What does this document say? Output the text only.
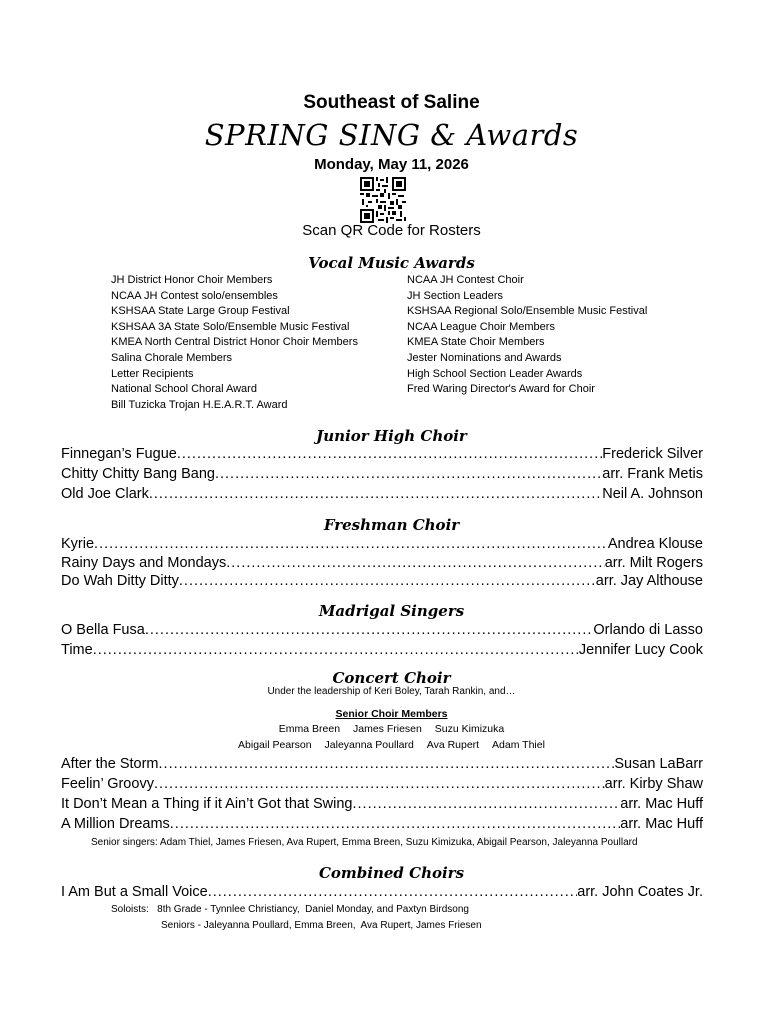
Southeast of Saline
SPRING SING & Awards
Monday, May 11, 2026
Scan QR Code for Rosters
Vocal Music Awards
JH District Honor Choir Members
NCAA JH Contest solo/ensembles
KSHSAA State Large Group Festival
KSHSAA 3A State Solo/Ensemble Music Festival
KMEA North Central District Honor Choir Members
Salina Chorale Members
Letter Recipients
National School Choral Award
Bill Tuzicka Trojan H.E.A.R.T. Award
NCAA JH Contest Choir
JH Section Leaders
KSHSAA Regional Solo/Ensemble Music Festival
NCAA League Choir Members
KMEA State Choir Members
Jester Nominations and Awards
High School Section Leader Awards
Fred Waring Director's Award for Choir
Junior High Choir
Finnegan’s Fugue .....	Frederick Silver
Chitty Chitty Bang Bang .....	arr. Frank Metis
Old Joe Clark .....	Neil A. Johnson
Freshman Choir
Kyrie .....	Andrea Klouse
Rainy Days and Mondays .....	arr. Milt Rogers
Do Wah Ditty Ditty .....	arr. Jay Althouse
Madrigal Singers
O Bella Fusa .....	Orlando di Lasso
Time .....	Jennifer Lucy Cook
Concert Choir
Under the leadership of Keri Boley, Tarah Rankin, and…
Senior Choir Members
Emma Breen James Friesen Suzu Kimizuka
Abigail Pearson Jaleyanna Poullard Ava Rupert Adam Thiel
After the Storm .....	Susan LaBarr
Feelin’ Groovy .....	arr. Kirby Shaw
It Don’t Mean a Thing if it Ain’t Got that Swing .....	arr. Mac Huff
A Million Dreams .....	arr. Mac Huff
Senior singers: Adam Thiel, James Friesen, Ava Rupert, Emma Breen, Suzu Kimizuka, Abigail Pearson, Jaleyanna Poullard
Combined Choirs
I Am But a Small Voice .....	arr. John Coates Jr.
Soloists:   8th Grade - Tynnlee Christiancy,  Daniel Monday, and Paxtyn Birdsong
Seniors - Jaleyanna Poullard, Emma Breen,  Ava Rupert, James Friesen
